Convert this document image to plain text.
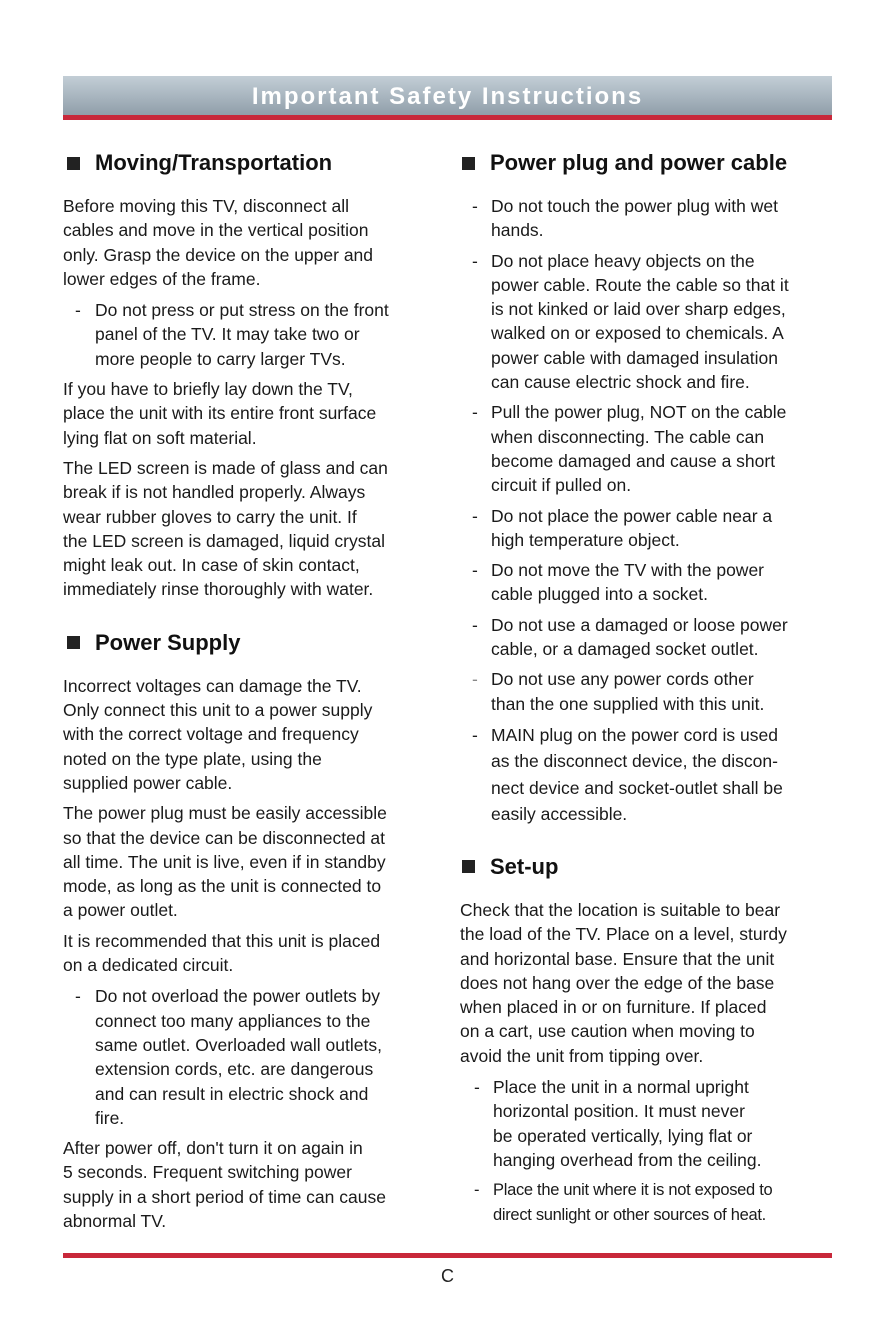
Important Safety Instructions
Moving/Transportation

Before moving this TV, disconnect all
cables and move in the vertical position
only. Grasp the device on the upper and
lower edges of the frame.

- Do not press or put stress on the front
panel of the TV. It may take two or
more people to carry larger TVs.

If you have to briefly lay down the TV,
place the unit with its entire front surface
lying flat on soft material.

The LED screen is made of glass and can
break if is not handled properly. Always
wear rubber gloves to carry the unit. If
the LED screen is damaged, liquid crystal
might leak out. In case of skin contact,
immediately rinse thoroughly with water.

Power Supply

Incorrect voltages can damage the TV.
Only connect this unit to a power supply
with the correct voltage and frequency
noted on the type plate, using the
supplied power cable.

The power plug must be easily accessible
so that the device can be disconnected at
all time. The unit is live, even if in standby
mode, as long as the unit is connected to
a power outlet.

It is recommended that this unit is placed
on a dedicated circuit.

- Do not overload the power outlets by
connect too many appliances to the
same outlet. Overloaded wall outlets,
extension cords, etc. are dangerous
and can result in electric shock and
fire.

After power off, don't turn it on again in
5 seconds. Frequent switching power
supply in a short period of time can cause
abnormal TV.

Power plug and power cable
- Do not touch the power plug with wet
hands.
- Do not place heavy objects on the
power cable. Route the cable so that it
is not kinked or laid over sharp edges,
walked on or exposed to chemicals. A
power cable with damaged insulation
can cause electric shock and fire.
- Pull the power plug, NOT on the cable
when disconnecting. The cable can
become damaged and cause a short
circuit if pulled on.
- Do not place the power cable near a
high temperature object.
- Do not move the TV with the power
cable plugged into a socket.
- Do not use a damaged or loose power
cable, or a damaged socket outlet.
- Do not use any power cords other
than the one supplied with this unit.
- MAIN plug on the power cord is used
as the disconnect device, the discon-
nect device and socket-outlet shall be
easily accessible.
Set-up

Check that the location is suitable to bear
the load of the TV. Place on a level, sturdy
and horizontal base. Ensure that the unit
does not hang over the edge of the base
when placed in or on furniture. If placed
on a cart, use caution when moving to
avoid the unit from tipping over.

- Place the unit in a normal upright
horizontal position. It must never
be operated vertically, lying flat or
hanging overhead from the ceiling.
- Place the unit where it is not exposed to
direct sunlight or other sources of heat.
C
